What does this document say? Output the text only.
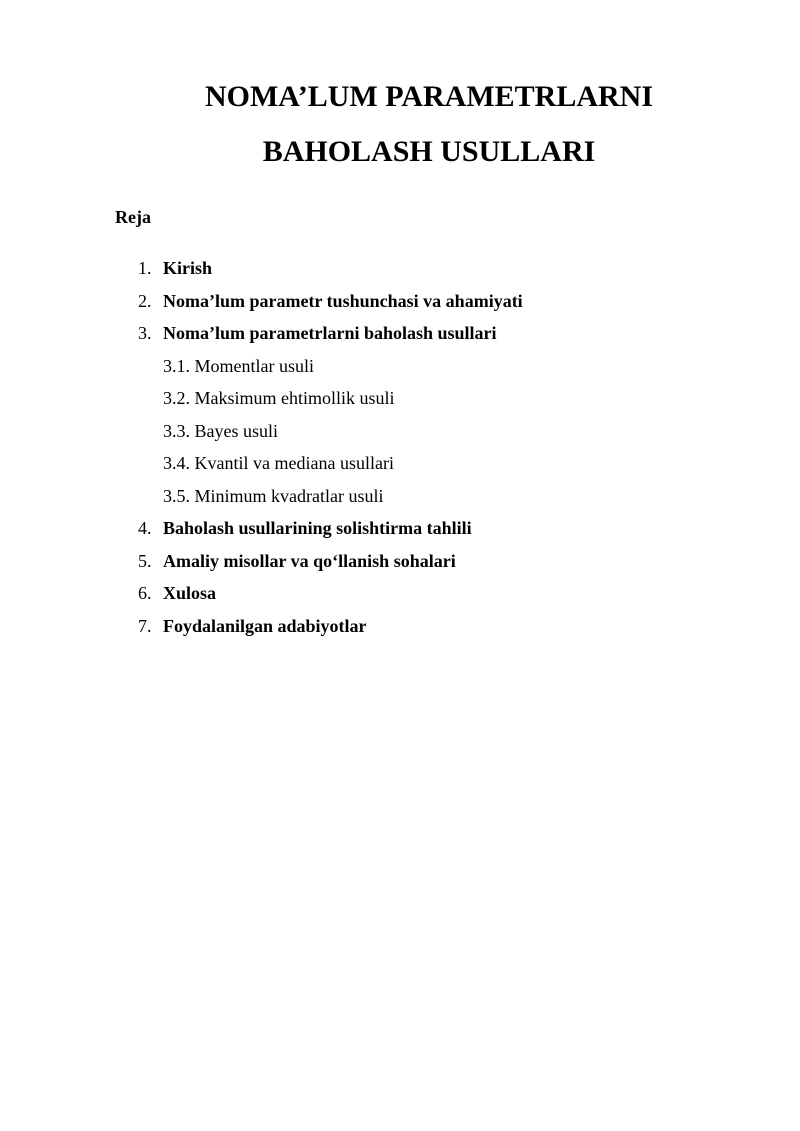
NOMA’LUM PARAMETRLARNI
BAHOLASH USULLARI
Reja
1. Kirish
2. Noma’lum parametr tushunchasi va ahamiyati
3. Noma’lum parametrlarni baholash usullari
3.1. Momentlar usuli
3.2. Maksimum ehtimollik usuli
3.3. Bayes usuli
3.4. Kvantil va mediana usullari
3.5. Minimum kvadratlar usuli
4. Baholash usullarining solishtirma tahlili
5. Amaliy misollar va qo‘llanish sohalari
6. Xulosa
7. Foydalanilgan adabiyotlar
